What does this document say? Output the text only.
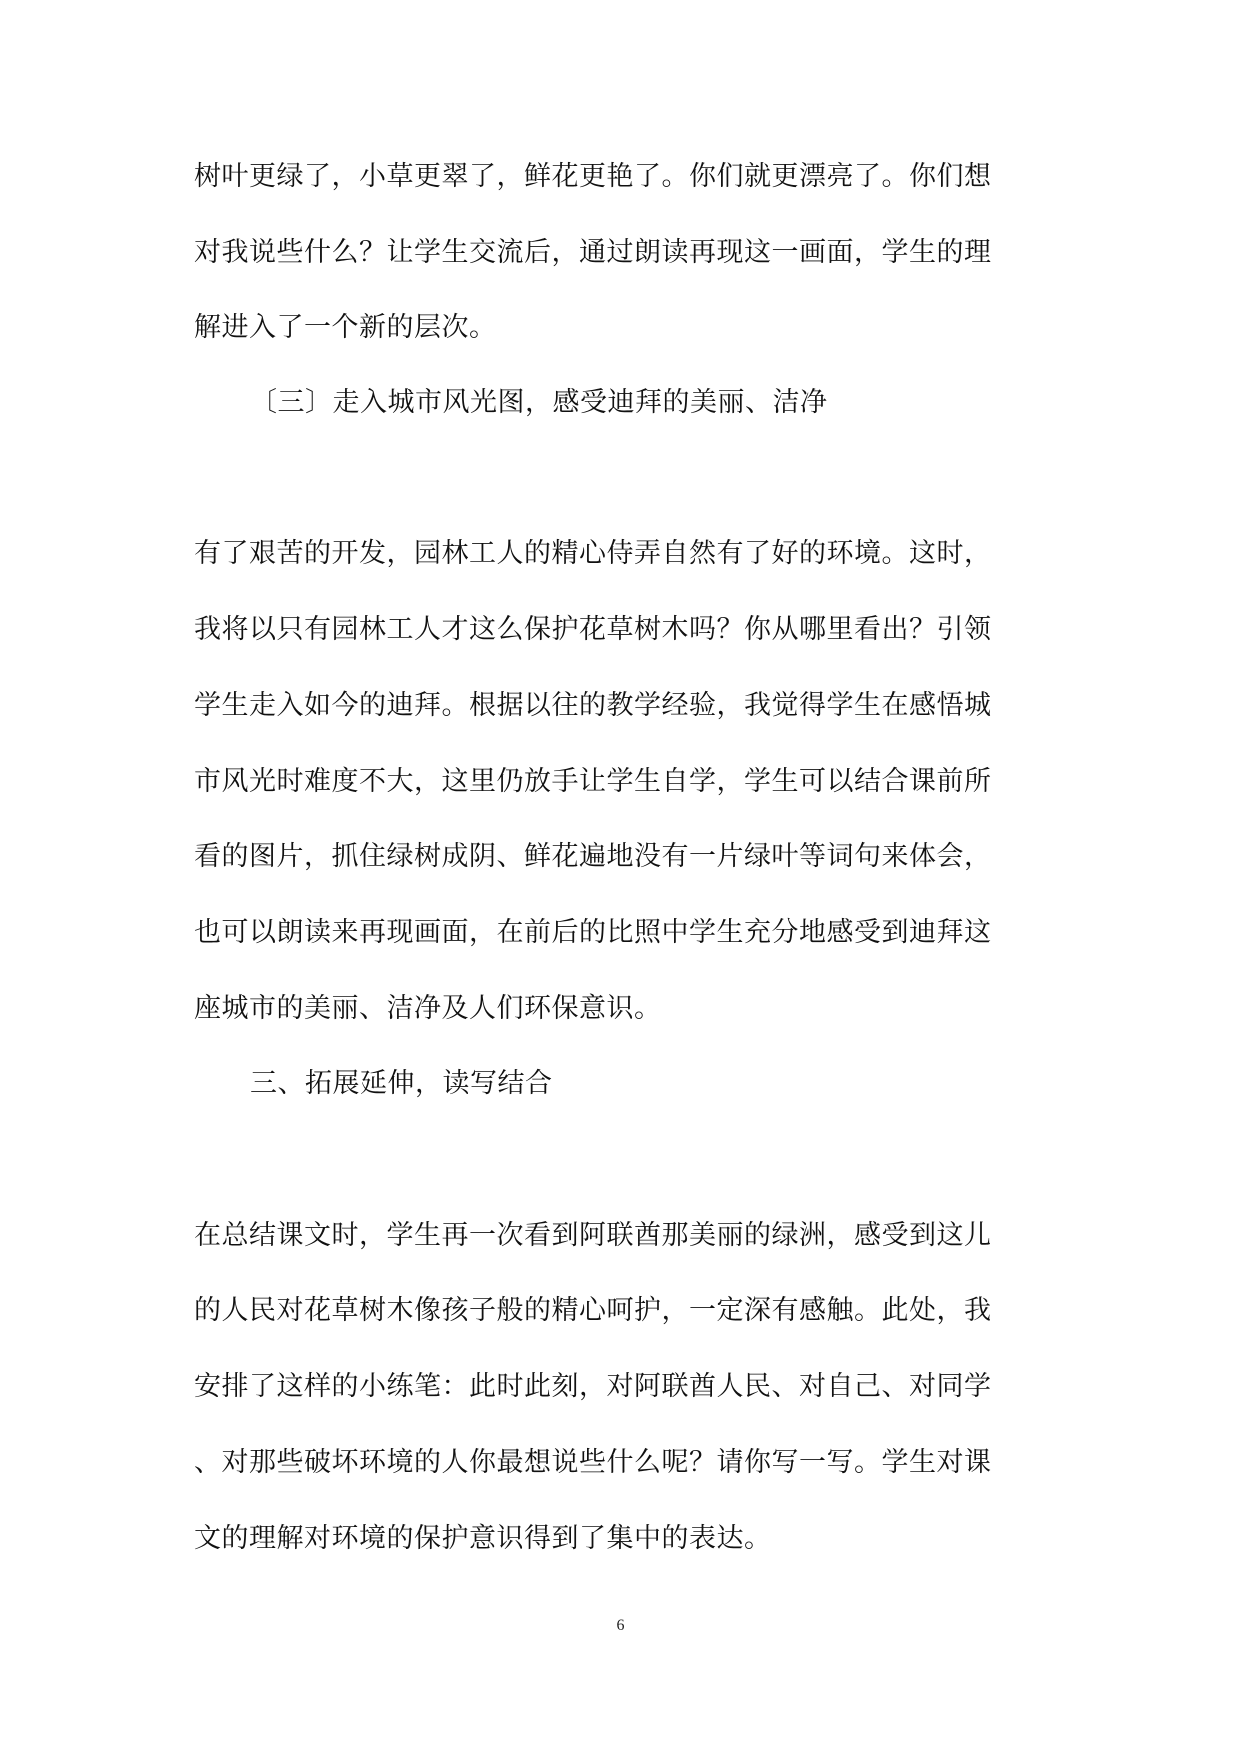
树叶更绿了，小草更翠了，鲜花更艳了。你们就更漂亮了。你们想
对我说些什么？让学生交流后，通过朗读再现这一画面，学生的理
解进入了一个新的层次。
〔三〕走入城市风光图，感受迪拜的美丽、洁净
有了艰苦的开发，园林工人的精心侍弄自然有了好的环境。这时，
我将以只有园林工人才这么保护花草树木吗？你从哪里看出？引领
学生走入如今的迪拜。根据以往的教学经验，我觉得学生在感悟城
市风光时难度不大，这里仍放手让学生自学，学生可以结合课前所
看的图片，抓住绿树成阴、鲜花遍地没有一片绿叶等词句来体会，
也可以朗读来再现画面，在前后的比照中学生充分地感受到迪拜这
座城市的美丽、洁净及人们环保意识。
三、拓展延伸，读写结合
在总结课文时，学生再一次看到阿联酋那美丽的绿洲，感受到这儿
的人民对花草树木像孩子般的精心呵护，一定深有感触。此处，我
安排了这样的小练笔：此时此刻，对阿联酋人民、对自己、对同学
、对那些破坏环境的人你最想说些什么呢？请你写一写。学生对课
文的理解对环境的保护意识得到了集中的表达。
6
